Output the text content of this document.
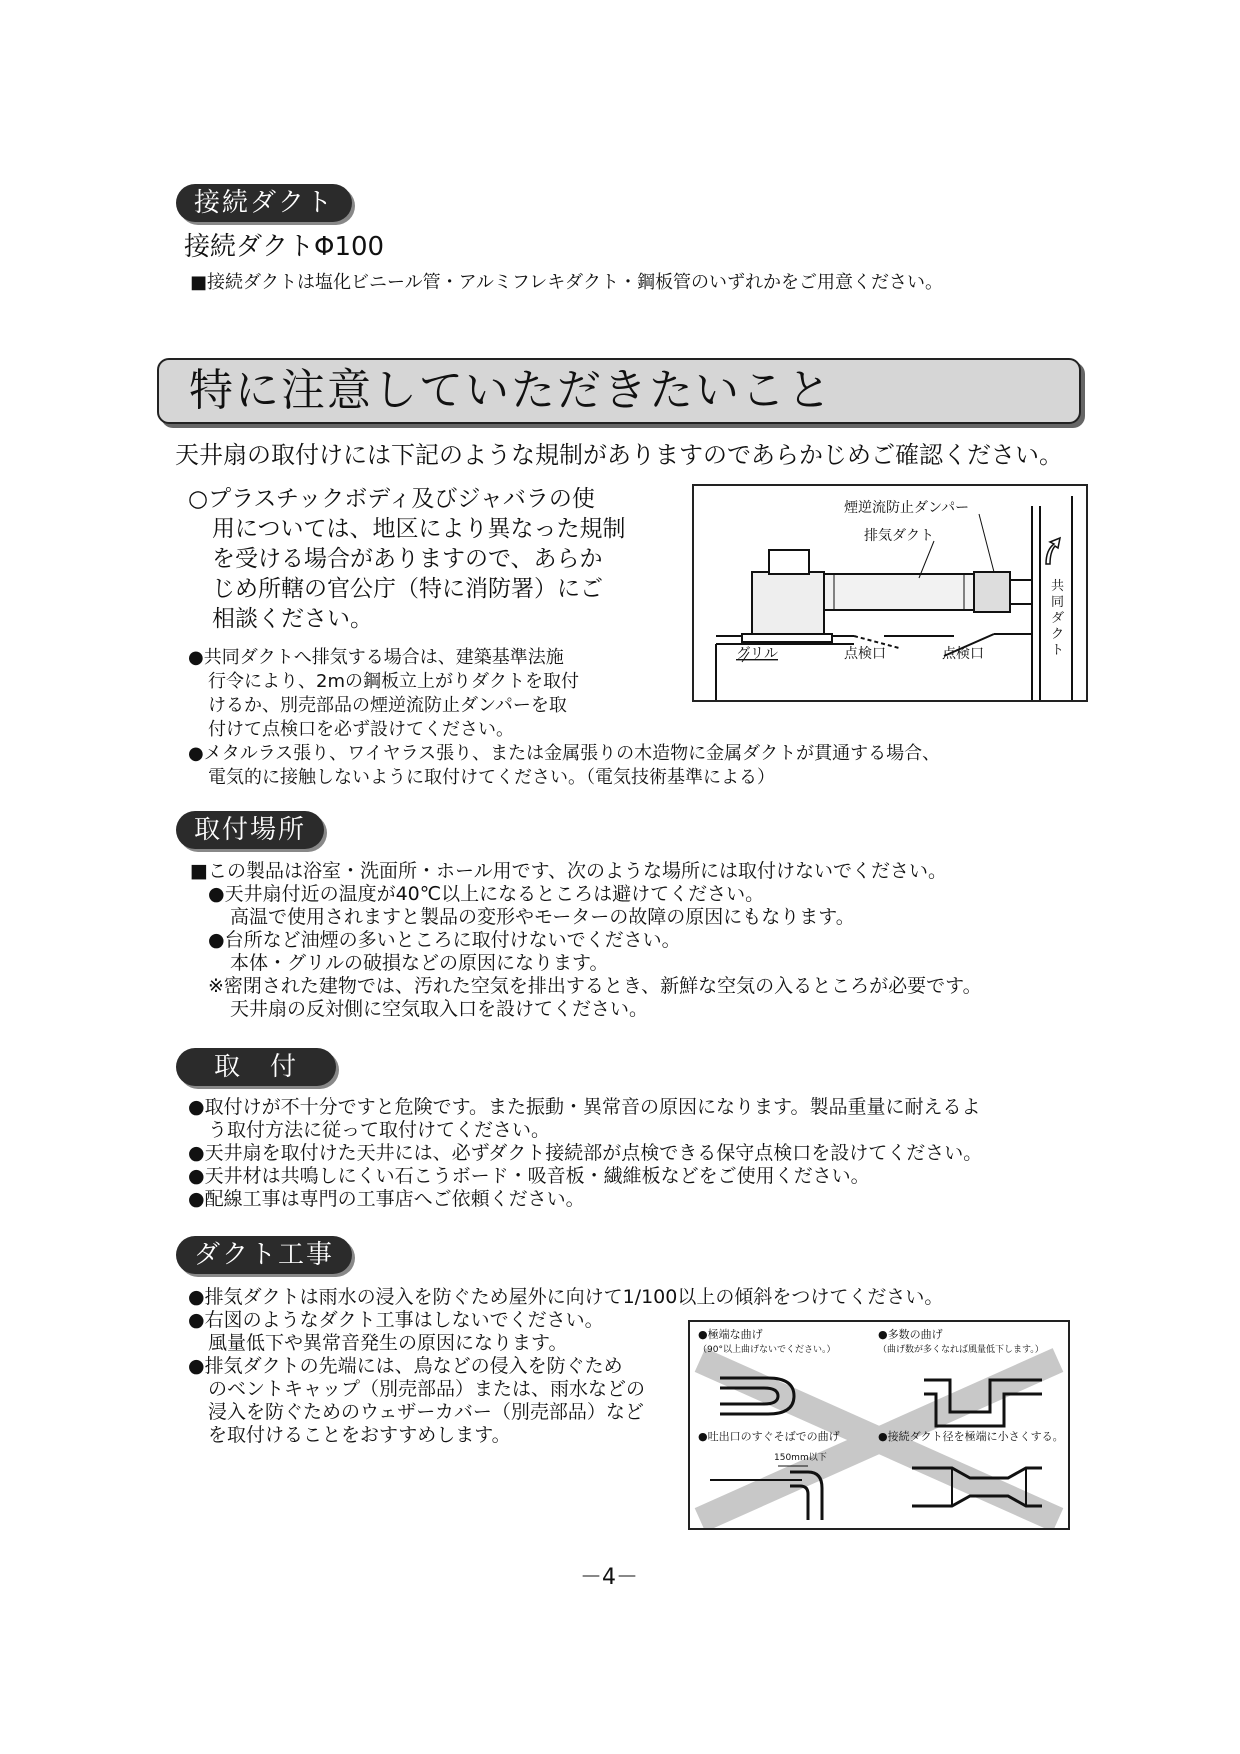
接続ダクト
接続ダクトΦ100
■接続ダクトは塩化ビニール管・アルミフレキダクト・鋼板管のいずれかをご用意ください。
特に注意していただきたいこと
天井扇の取付けには下記のような規制がありますのであらかじめご確認ください。
○プラスチックボディ及びジャバラの使
用については、地区により異なった規制
を受ける場合がありますので、あらか
じめ所轄の官公庁（特に消防署）にご
相談ください。
●共同ダクトへ排気する場合は、建築基準法施
行令により、2mの鋼板立上がりダクトを取付
けるか、別売部品の煙逆流防止ダンパーを取
付けて点検口を必ず設けてください。
●メタルラス張り、ワイヤラス張り、または金属張りの木造物に金属ダクトが貫通する場合、
電気的に接触しないように取付けてください。（電気技術基準による）
煙逆流防止ダンパー
排気ダクト
グリル	点検口	点検口
共
同
ダ
ク
ト
取付場所
■この製品は浴室・洗面所・ホール用です、次のような場所には取付けないでください。
●天井扇付近の温度が40℃以上になるところは避けてください。
高温で使用されますと製品の変形やモーターの故障の原因にもなります。
●台所など油煙の多いところに取付けないでください。
本体・グリルの破損などの原因になります。
※密閉された建物では、汚れた空気を排出するとき、新鮮な空気の入るところが必要です。
天井扇の反対側に空気取入口を設けてください。
取　付
●取付けが不十分ですと危険です。また振動・異常音の原因になります。製品重量に耐えるよ
う取付方法に従って取付けてください。
●天井扇を取付けた天井には、必ずダクト接続部が点検できる保守点検口を設けてください。
●天井材は共鳴しにくい石こうボード・吸音板・繊維板などをご使用ください。
●配線工事は専門の工事店へご依頼ください。
ダクト工事
●排気ダクトは雨水の浸入を防ぐため屋外に向けて1/100以上の傾斜をつけてください。
●右図のようなダクト工事はしないでください。
風量低下や異常音発生の原因になります。
●排気ダクトの先端には、鳥などの侵入を防ぐため
のベントキャップ（別売部品）または、雨水などの
浸入を防ぐためのウェザーカバー（別売部品）など
を取付けることをおすすめします。
●極端な曲げ
（90°以上曲げないでください。）
●多数の曲げ
（曲げ数が多くなれば風量低下します。）
●吐出口のすぐそばでの曲げ
150mm以下
●接続ダクト径を極端に小さくする。
－4－
